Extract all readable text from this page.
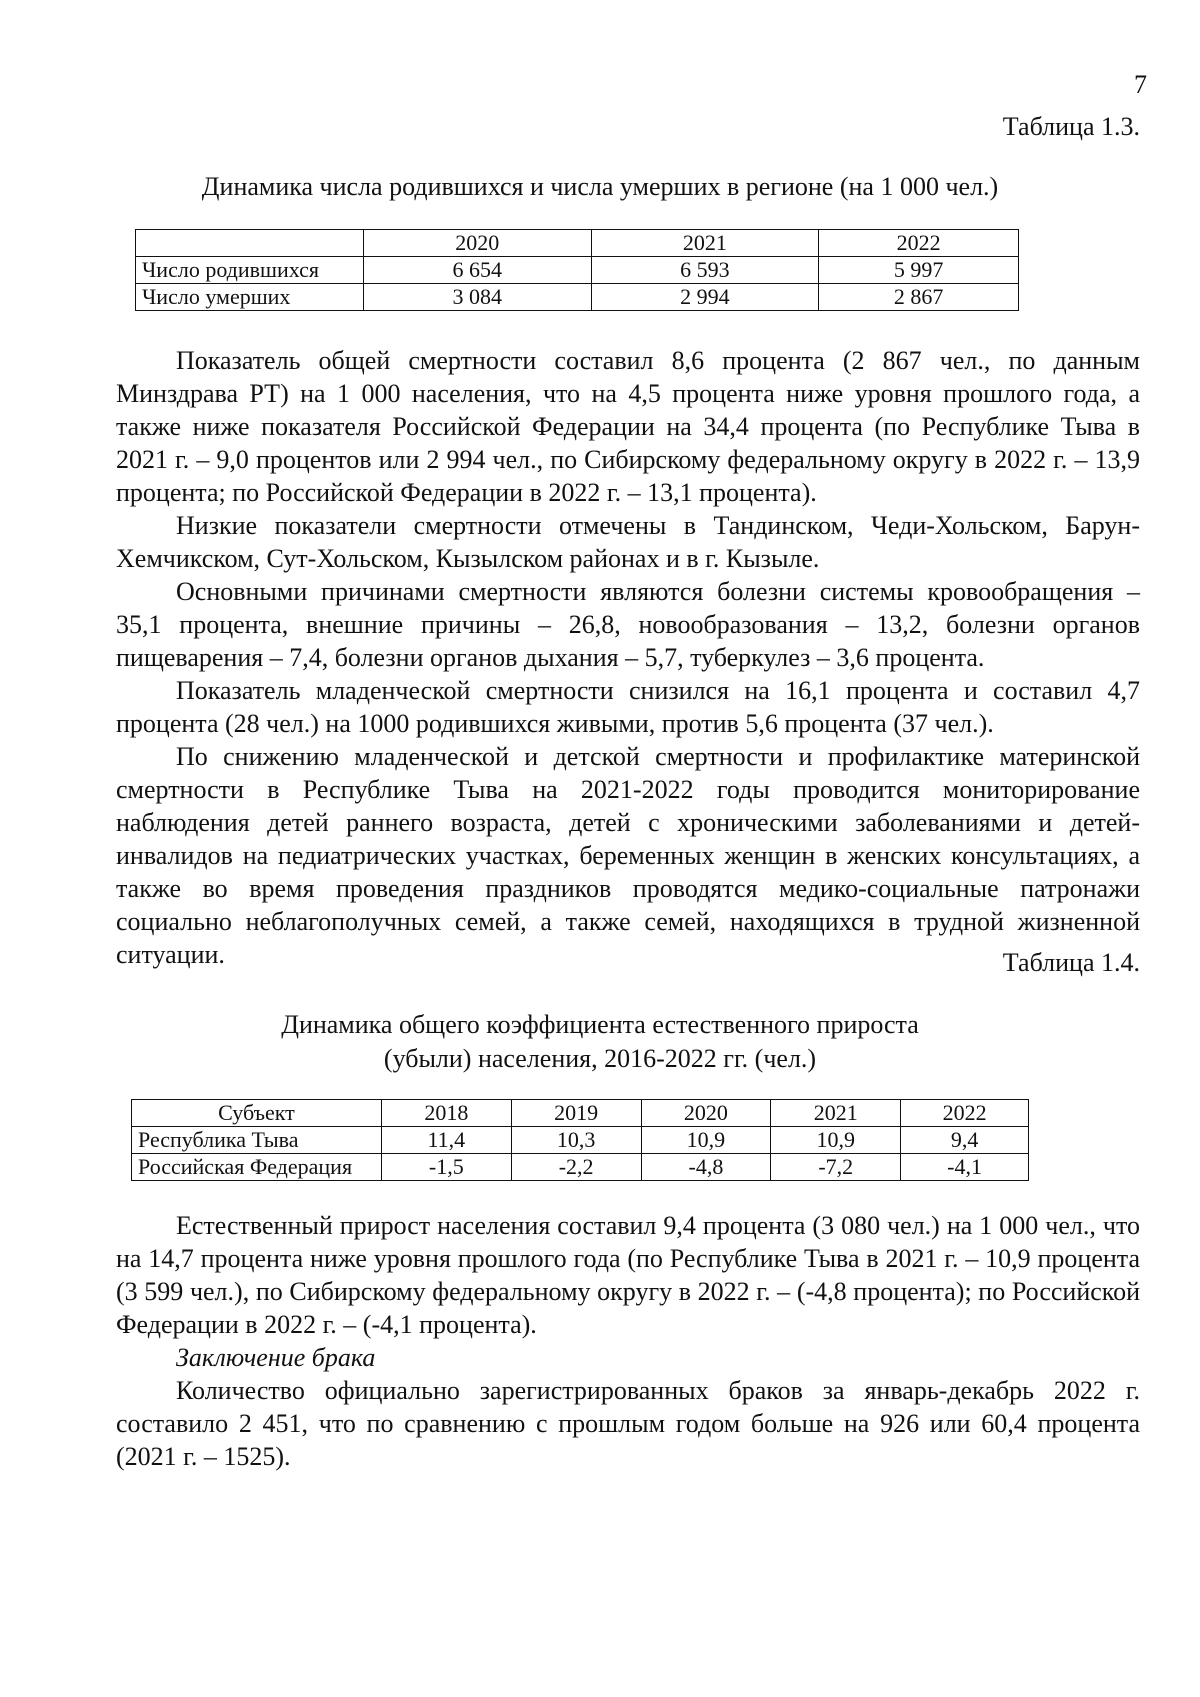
7
Таблица 1.3.
Динамика числа родившихся и числа умерших в регионе (на 1 000 чел.)
	2020	2021	2022
Число родившихся	6 654	6 593	5 997
Число умерших	3 084	2 994	2 867

Показатель общей смертности составил 8,6 процента (2 867 чел., по данным Минздрава РТ) на 1 000 населения, что на 4,5 процента ниже уровня прошлого года, а также ниже показателя Российской Федерации на 34,4 процента (по Республике Тыва в 2021 г. – 9,0 процентов или 2 994 чел., по Сибирскому федеральному округу в 2022 г. – 13,9 процента; по Российской Федерации в 2022 г. – 13,1 процента).

Низкие показатели смертности отмечены в Тандинском, Чеди-Хольском, Барун-Хемчикском, Сут-Хольском, Кызылском районах и в г. Кызыле.

Основными причинами смертности являются болезни системы кровообращения – 35,1 процента, внешние причины – 26,8, новообразования – 13,2, болезни органов пищеварения – 7,4, болезни органов дыхания – 5,7, туберкулез – 3,6 процента.

Показатель младенческой смертности снизился на 16,1 процента и составил 4,7 процента (28 чел.) на 1000 родившихся живыми, против 5,6 процента (37 чел.).

По снижению младенческой и детской смертности и профилактике материнской смертности в Республике Тыва на 2021-2022 годы проводится мониторирование наблюдения детей раннего возраста, детей с хроническими заболеваниями и детей-инвалидов на педиатрических участках, беременных женщин в женских консультациях, а также во время проведения праздников проводятся медико-социальные патронажи социально неблагополучных семей, а также семей, находящихся в трудной жизненной ситуации.	Таблица 1.4.
Динамика общего коэффициента естественного прироста
(убыли) населения, 2016-2022 гг. (чел.)
Субъект	2018	2019	2020	2021	2022
Республика Тыва	11,4	10,3	10,9	10,9	9,4
Российская Федерация	-1,5	-2,2	-4,8	-7,2	-4,1

Естественный прирост населения составил 9,4 процента (3 080 чел.) на 1 000 чел., что на 14,7 процента ниже уровня прошлого года (по Республике Тыва в 2021 г. – 10,9 процента (3 599 чел.), по Сибирскому федеральному округу в 2022 г. – (-4,8 процента); по Российской Федерации в 2022 г. – (-4,1 процента).

Заключение брака

Количество официально зарегистрированных браков за январь-декабрь 2022 г. составило 2 451, что по сравнению с прошлым годом больше на 926 или 60,4 процента (2021 г. – 1525).
